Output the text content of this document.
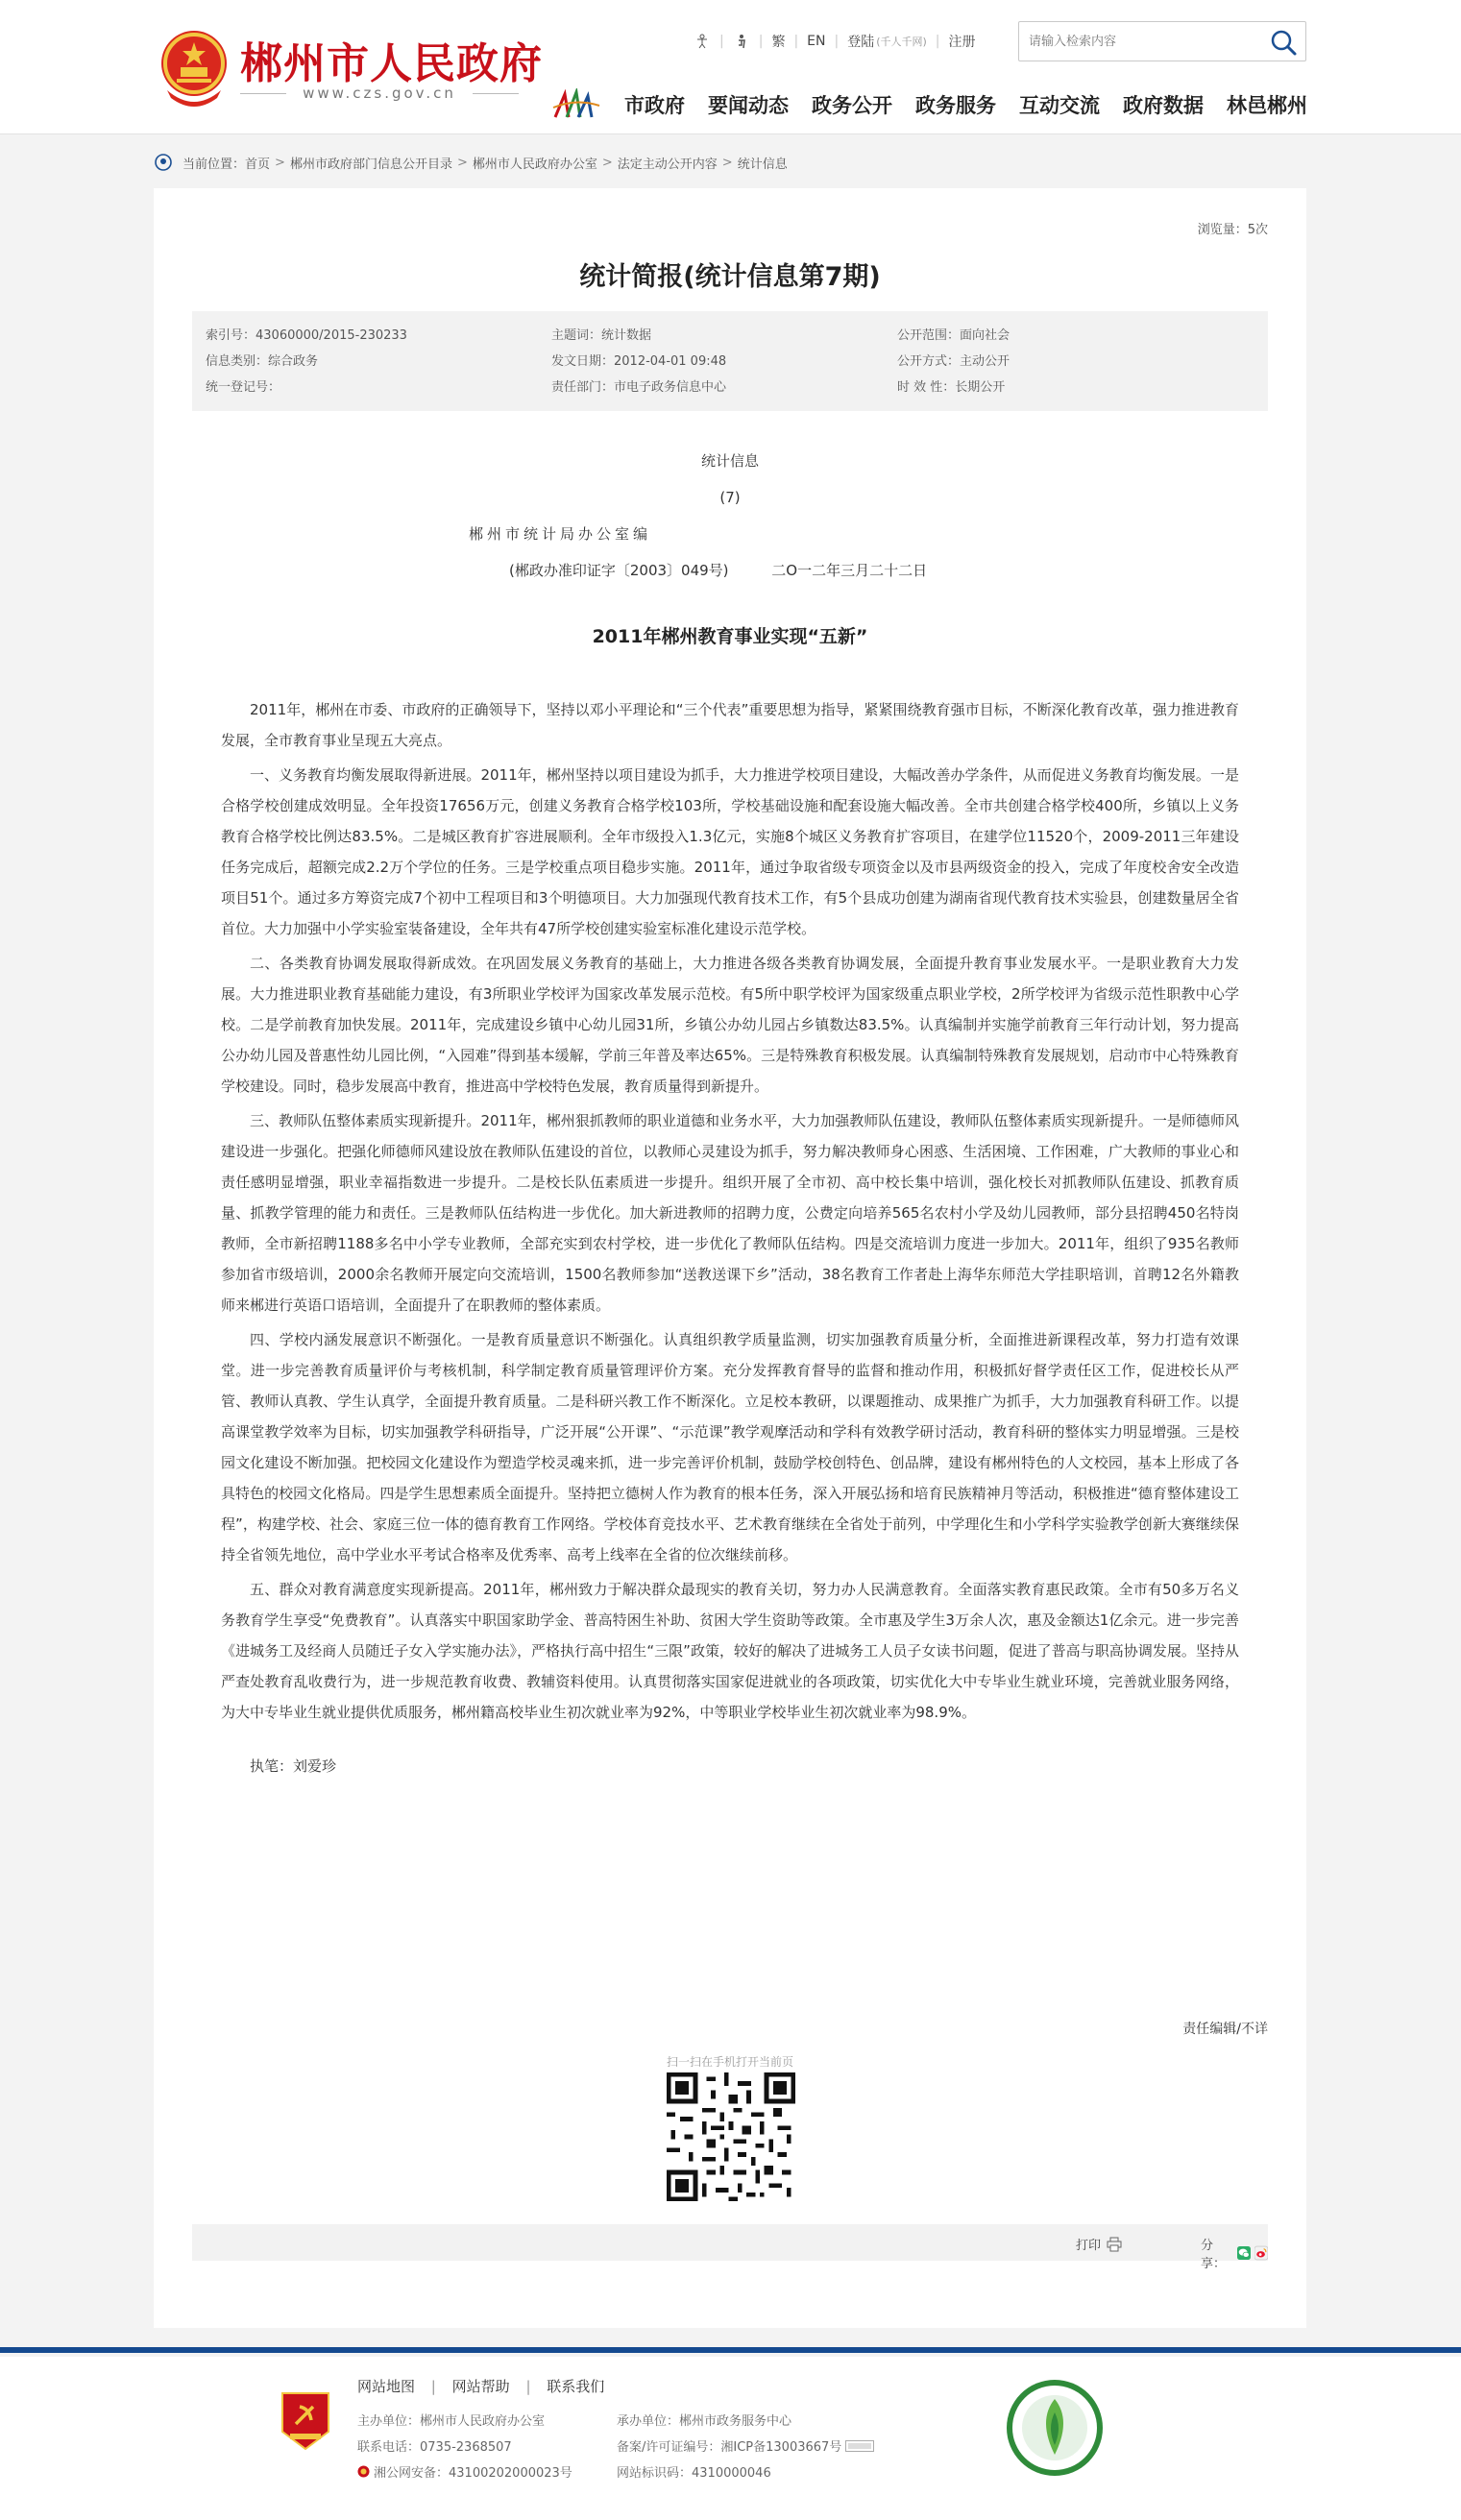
郴州市人民政府
www.czs.gov.cn
|	| 繁 | EN | 登陆 (千人千网) | 注册
请输入检索内容
市政府 要闻动态 政务公开 政务服务 互动交流 政府数据 林邑郴州
当前位置： 首页 > 郴州市政府部门信息公开目录 > 郴州市人民政府办公室 > 法定主动公开内容 > 统计信息
浏览量：5次
统计简报(统计信息第7期)
索引号：43060000/2015-230233	主题词：统计数据	公开范围：面向社会
信息类别：综合政务	发文日期：2012-04-01 09:48	公开方式：主动公开
统一登记号：	责任部门：市电子政务信息中心	时 效 性：长期公开
统计信息
(7)
郴州市统计局办公室编
(郴政办准印证字〔2003〕049号)	二O一二年三月二十二日
2011年郴州教育事业实现“五新”

2011年，郴州在市委、市政府的正确领导下，坚持以邓小平理论和“三个代表”重要思想为指导，紧紧围绕教育强市目标，不断深化教育改革，强力推进教育发展，全市教育事业呈现五大亮点。

一、义务教育均衡发展取得新进展。2011年，郴州坚持以项目建设为抓手，大力推进学校项目建设，大幅改善办学条件，从而促进义务教育均衡发展。一是合格学校创建成效明显。全年投资17656万元，创建义务教育合格学校103所，学校基础设施和配套设施大幅改善。全市共创建合格学校400所，乡镇以上义务教育合格学校比例达83.5%。二是城区教育扩容进展顺利。全年市级投入1.3亿元，实施8个城区义务教育扩容项目，在建学位11520个，2009-2011三年建设任务完成后，超额完成2.2万个学位的任务。三是学校重点项目稳步实施。2011年，通过争取省级专项资金以及市县两级资金的投入，完成了年度校舍安全改造项目51个。通过多方筹资完成7个初中工程项目和3个明德项目。大力加强现代教育技术工作，有5个县成功创建为湖南省现代教育技术实验县，创建数量居全省首位。大力加强中小学实验室装备建设，全年共有47所学校创建实验室标准化建设示范学校。

二、各类教育协调发展取得新成效。在巩固发展义务教育的基础上，大力推进各级各类教育协调发展，全面提升教育事业发展水平。一是职业教育大力发展。大力推进职业教育基础能力建设，有3所职业学校评为国家改革发展示范校。有5所中职学校评为国家级重点职业学校，2所学校评为省级示范性职教中心学校。二是学前教育加快发展。2011年，完成建设乡镇中心幼儿园31所，乡镇公办幼儿园占乡镇数达83.5%。认真编制并实施学前教育三年行动计划，努力提高公办幼儿园及普惠性幼儿园比例，“入园难”得到基本缓解，学前三年普及率达65%。三是特殊教育积极发展。认真编制特殊教育发展规划，启动市中心特殊教育学校建设。同时，稳步发展高中教育，推进高中学校特色发展，教育质量得到新提升。

三、教师队伍整体素质实现新提升。2011年，郴州狠抓教师的职业道德和业务水平，大力加强教师队伍建设，教师队伍整体素质实现新提升。一是师德师风建设进一步强化。把强化师德师风建设放在教师队伍建设的首位，以教师心灵建设为抓手，努力解决教师身心困惑、生活困境、工作困难，广大教师的事业心和责任感明显增强，职业幸福指数进一步提升。二是校长队伍素质进一步提升。组织开展了全市初、高中校长集中培训，强化校长对抓教师队伍建设、抓教育质量、抓教学管理的能力和责任。三是教师队伍结构进一步优化。加大新进教师的招聘力度，公费定向培养565名农村小学及幼儿园教师，部分县招聘450名特岗教师，全市新招聘1188多名中小学专业教师，全部充实到农村学校，进一步优化了教师队伍结构。四是交流培训力度进一步加大。2011年，组织了935名教师参加省市级培训，2000余名教师开展定向交流培训，1500名教师参加“送教送课下乡”活动，38名教育工作者赴上海华东师范大学挂职培训，首聘12名外籍教师来郴进行英语口语培训，全面提升了在职教师的整体素质。

四、学校内涵发展意识不断强化。一是教育质量意识不断强化。认真组织教学质量监测，切实加强教育质量分析，全面推进新课程改革，努力打造有效课堂。进一步完善教育质量评价与考核机制，科学制定教育质量管理评价方案。充分发挥教育督导的监督和推动作用，积极抓好督学责任区工作，促进校长从严管、教师认真教、学生认真学，全面提升教育质量。二是科研兴教工作不断深化。立足校本教研，以课题推动、成果推广为抓手，大力加强教育科研工作。以提高课堂教学效率为目标，切实加强教学科研指导，广泛开展“公开课”、“示范课”教学观摩活动和学科有效教学研讨活动，教育科研的整体实力明显增强。三是校园文化建设不断加强。把校园文化建设作为塑造学校灵魂来抓，进一步完善评价机制，鼓励学校创特色、创品牌，建设有郴州特色的人文校园，基本上形成了各具特色的校园文化格局。四是学生思想素质全面提升。坚持把立德树人作为教育的根本任务，深入开展弘扬和培育民族精神月等活动，积极推进“德育整体建设工程”，构建学校、社会、家庭三位一体的德育教育工作网络。学校体育竞技水平、艺术教育继续在全省处于前列，中学理化生和小学科学实验教学创新大赛继续保持全省领先地位，高中学业水平考试合格率及优秀率、高考上线率在全省的位次继续前移。

五、群众对教育满意度实现新提高。2011年，郴州致力于解决群众最现实的教育关切，努力办人民满意教育。全面落实教育惠民政策。全市有50多万名义务教育学生享受“免费教育”。认真落实中职国家助学金、普高特困生补助、贫困大学生资助等政策。全市惠及学生3万余人次，惠及金额达1亿余元。进一步完善《进城务工及经商人员随迁子女入学实施办法》，严格执行高中招生“三限”政策，较好的解决了进城务工人员子女读书问题，促进了普高与职高协调发展。坚持从严查处教育乱收费行为，进一步规范教育收费、教辅资料使用。认真贯彻落实国家促进就业的各项政策，切实优化大中专毕业生就业环境，完善就业服务网络，为大中专毕业生就业提供优质服务，郴州籍高校毕业生初次就业率为92%，中等职业学校毕业生初次就业率为98.9%。

执笔：刘爱珍

责任编辑/不详
扫一扫在手机打开当前页
打印	分享：
网站地图 | 网站帮助 | 联系我们
主办单位：郴州市人民政府办公室	承办单位：郴州市政务服务中心
联系电话：0735-2368507	备案/许可证编号：湘ICP备13003667号
湘公网安备：43100202000023号	网站标识码：4310000046
